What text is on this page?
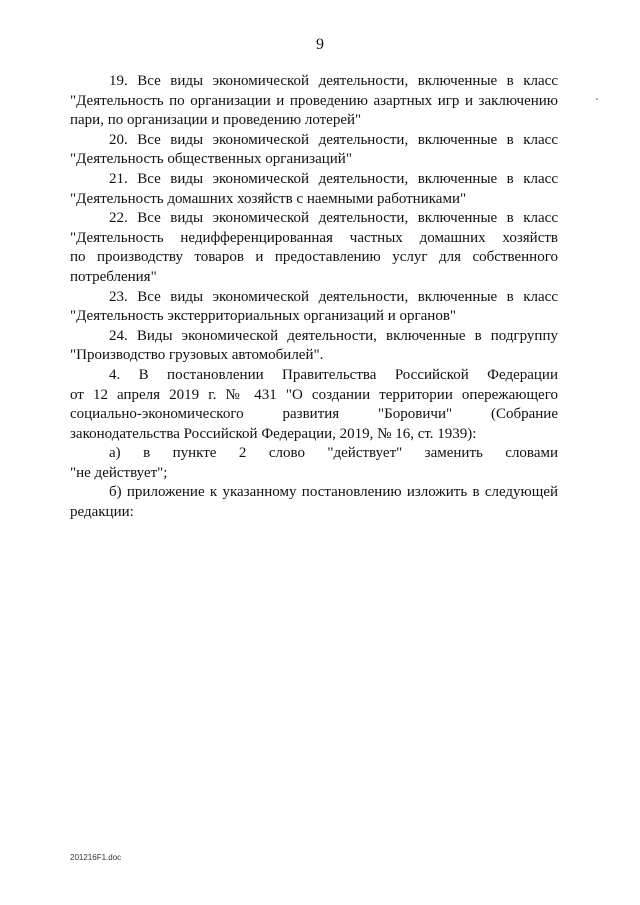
9

19. Все виды экономической деятельности, включенные в класс
"Деятельность по организации и проведению азартных игр и заключению
пари, по организации и проведению лотерей"

20. Все виды экономической деятельности, включенные в класс
"Деятельность общественных организаций"

21. Все виды экономической деятельности, включенные в класс
"Деятельность домашних хозяйств с наемными работниками"

22. Все виды экономической деятельности, включенные в класс
"Деятельность недифференцированная частных домашних хозяйств
по производству товаров и предоставлению услуг для собственного
потребления"

23. Все виды экономической деятельности, включенные в класс
"Деятельность экстерриториальных организаций и органов"

24. Виды экономической деятельности, включенные в подгруппу
"Производство грузовых автомобилей".

4. В постановлении Правительства Российской Федерации
от 12 апреля 2019 г. № 431 "О создании территории опережающего
социально-экономического развития "Боровичи" (Собрание
законодательства Российской Федерации, 2019, № 16, ст. 1939):

а) в пункте 2 слово "действует" заменить словами
"не действует";

б) приложение к указанному постановлению изложить в следующей
редакции:

201216F1.doc
